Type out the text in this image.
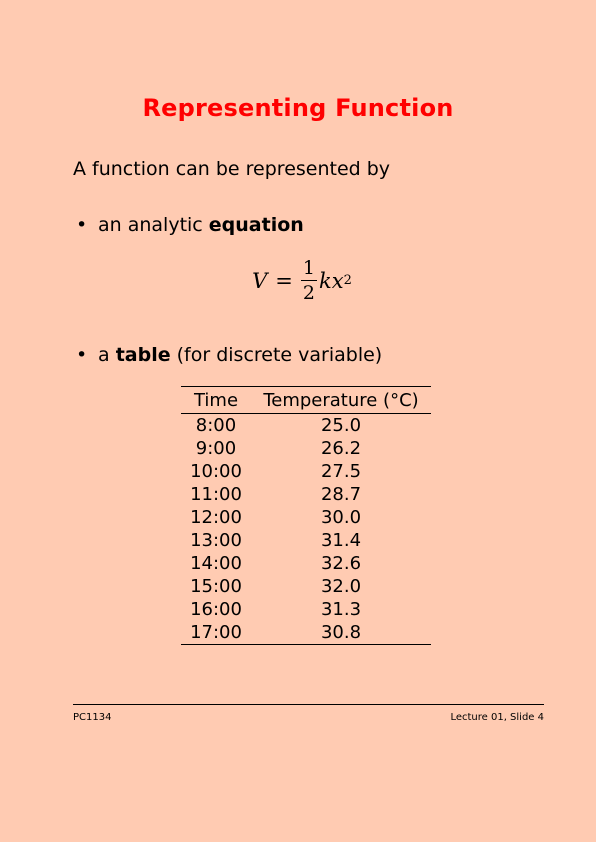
Representing Function
A function can be represented by
• an analytic equation
$V = \frac{1}{2}$ kx 2
• a table (for discrete variable)
Time	Temperature (°C)
8:00	25.0
9:00	26.2
10:00	27.5
11:00	28.7
12:00	30.0
13:00	31.4
14:00	32.6
15:00	32.0
16:00	31.3
17:00	30.8
PC1134	Lecture 01, Slide 4
